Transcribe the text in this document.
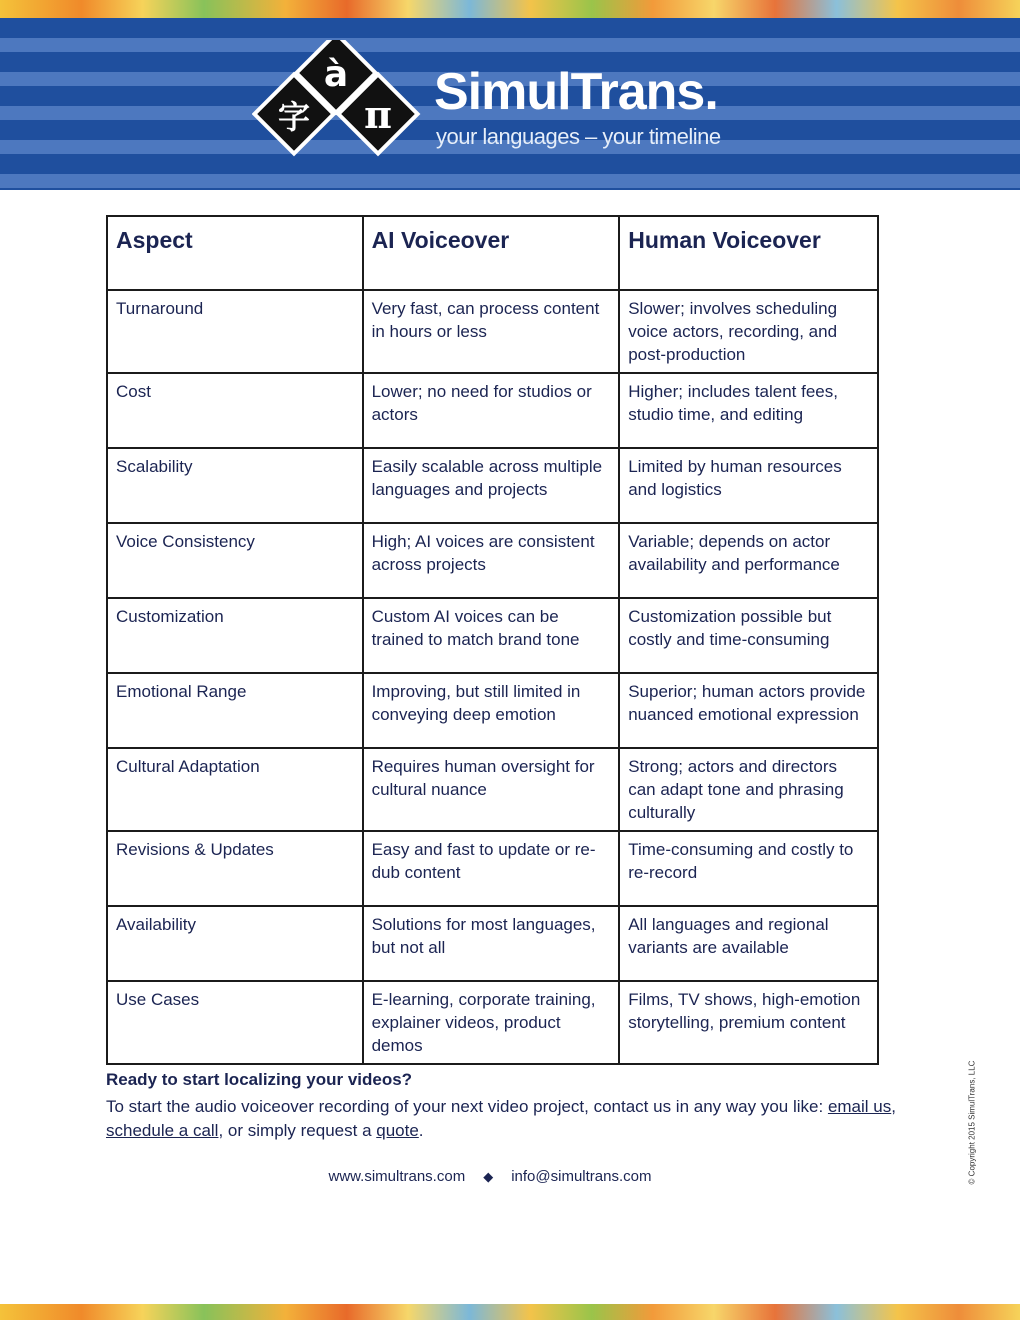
à
字 π SimulTrans.
your languages – your timeline
Aspect	AI Voiceover	Human Voiceover
Turnaround	Very fast, can process content in hours or less	Slower; involves scheduling voice actors, recording, and post-production
Cost	Lower; no need for studios or actors	Higher; includes talent fees, studio time, and editing
Scalability	Easily scalable across multiple languages and projects	Limited by human resources and logistics
Voice Consistency	High; AI voices are consistent across projects	Variable; depends on actor availability and performance
Customization	Custom AI voices can be trained to match brand tone	Customization possible but costly and time-consuming
Emotional Range	Improving, but still limited in conveying deep emotion	Superior; human actors provide nuanced emotional expression
Cultural Adaptation	Requires human oversight for cultural nuance	Strong; actors and directors can adapt tone and phrasing culturally
Revisions & Updates	Easy and fast to update or re-dub content	Time-consuming and costly to re-record
Availability	Solutions for most languages, but not all	All languages and regional variants are available
Use Cases	E-learning, corporate training, explainer videos, product demos	Films, TV shows, high-emotion storytelling, premium content
Ready to start localizing your videos?
To start the audio voiceover recording of your next video project, contact us in any way you like: email us, schedule a call, or simply request a quote.
www.simultrans.com ◆ info@simultrans.com	© Copyright 2015 SimulTrans, LLC
